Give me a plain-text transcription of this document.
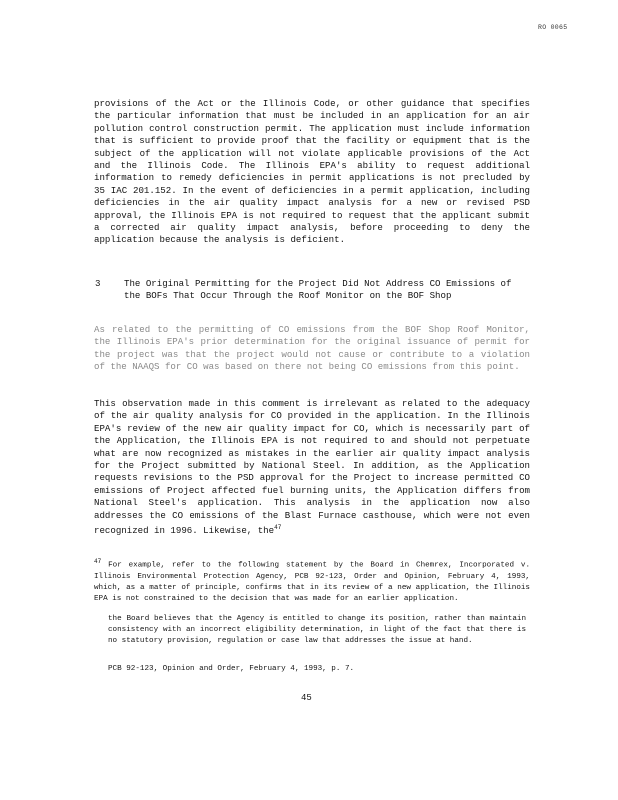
RO 0065

provisions of the Act or the Illinois Code, or other guidance that specifies the particular information that must be included in an application for an air pollution control construction permit. The application must include information that is sufficient to provide proof that the facility or equipment that is the subject of the application will not violate applicable provisions of the Act and the Illinois Code. The Illinois EPA's ability to request additional information to remedy deficiencies in permit applications is not precluded by 35 IAC 201.152. In the event of deficiencies in a permit application, including deficiencies in the air quality impact analysis for a new or revised PSD approval, the Illinois EPA is not required to request that the applicant submit a corrected air quality impact analysis, before proceeding to deny the application because the analysis is deficient.

3	The Original Permitting for the Project Did Not Address CO Emissions of the BOFs That Occur Through the Roof Monitor on the BOF Shop

As related to the permitting of CO emissions from the BOF Shop Roof Monitor, the Illinois EPA's prior determination for the original issuance of permit for the project was that the project would not cause or contribute to a violation of the NAAQS for CO was based on there not being CO emissions from this point.

This observation made in this comment is irrelevant as related to the adequacy of the air quality analysis for CO provided in the application. In the Illinois EPA's review of the new air quality impact for CO, which is necessarily part of the Application, the Illinois EPA is not required to and should not perpetuate what are now recognized as mistakes in the earlier air quality impact analysis for the Project submitted by National Steel. In addition, as the Application requests revisions to the PSD approval for the Project to increase permitted CO emissions of Project affected fuel burning units, the Application differs from National Steel's application. This analysis in the application now also addresses the CO emissions of the Blast Furnace casthouse, which were not even recognized in 1996. Likewise, the$^{47}$

$^{47}$ For example, refer to the following statement by the Board in Chemrex, Incorporated v. Illinois Environmental Protection Agency, PCB 92-123, Order and Opinion, February 4, 1993, which, as a matter of principle, confirms that in its review of a new application, the Illinois EPA is not constrained to the decision that was made for an earlier application.

the Board believes that the Agency is entitled to change its position, rather than maintain consistency with an incorrect eligibility determination, in light of the fact that there is no statutory provision, regulation or case law that addresses the issue at hand.

PCB 92-123, Opinion and Order, February 4, 1993, p. 7.

45
